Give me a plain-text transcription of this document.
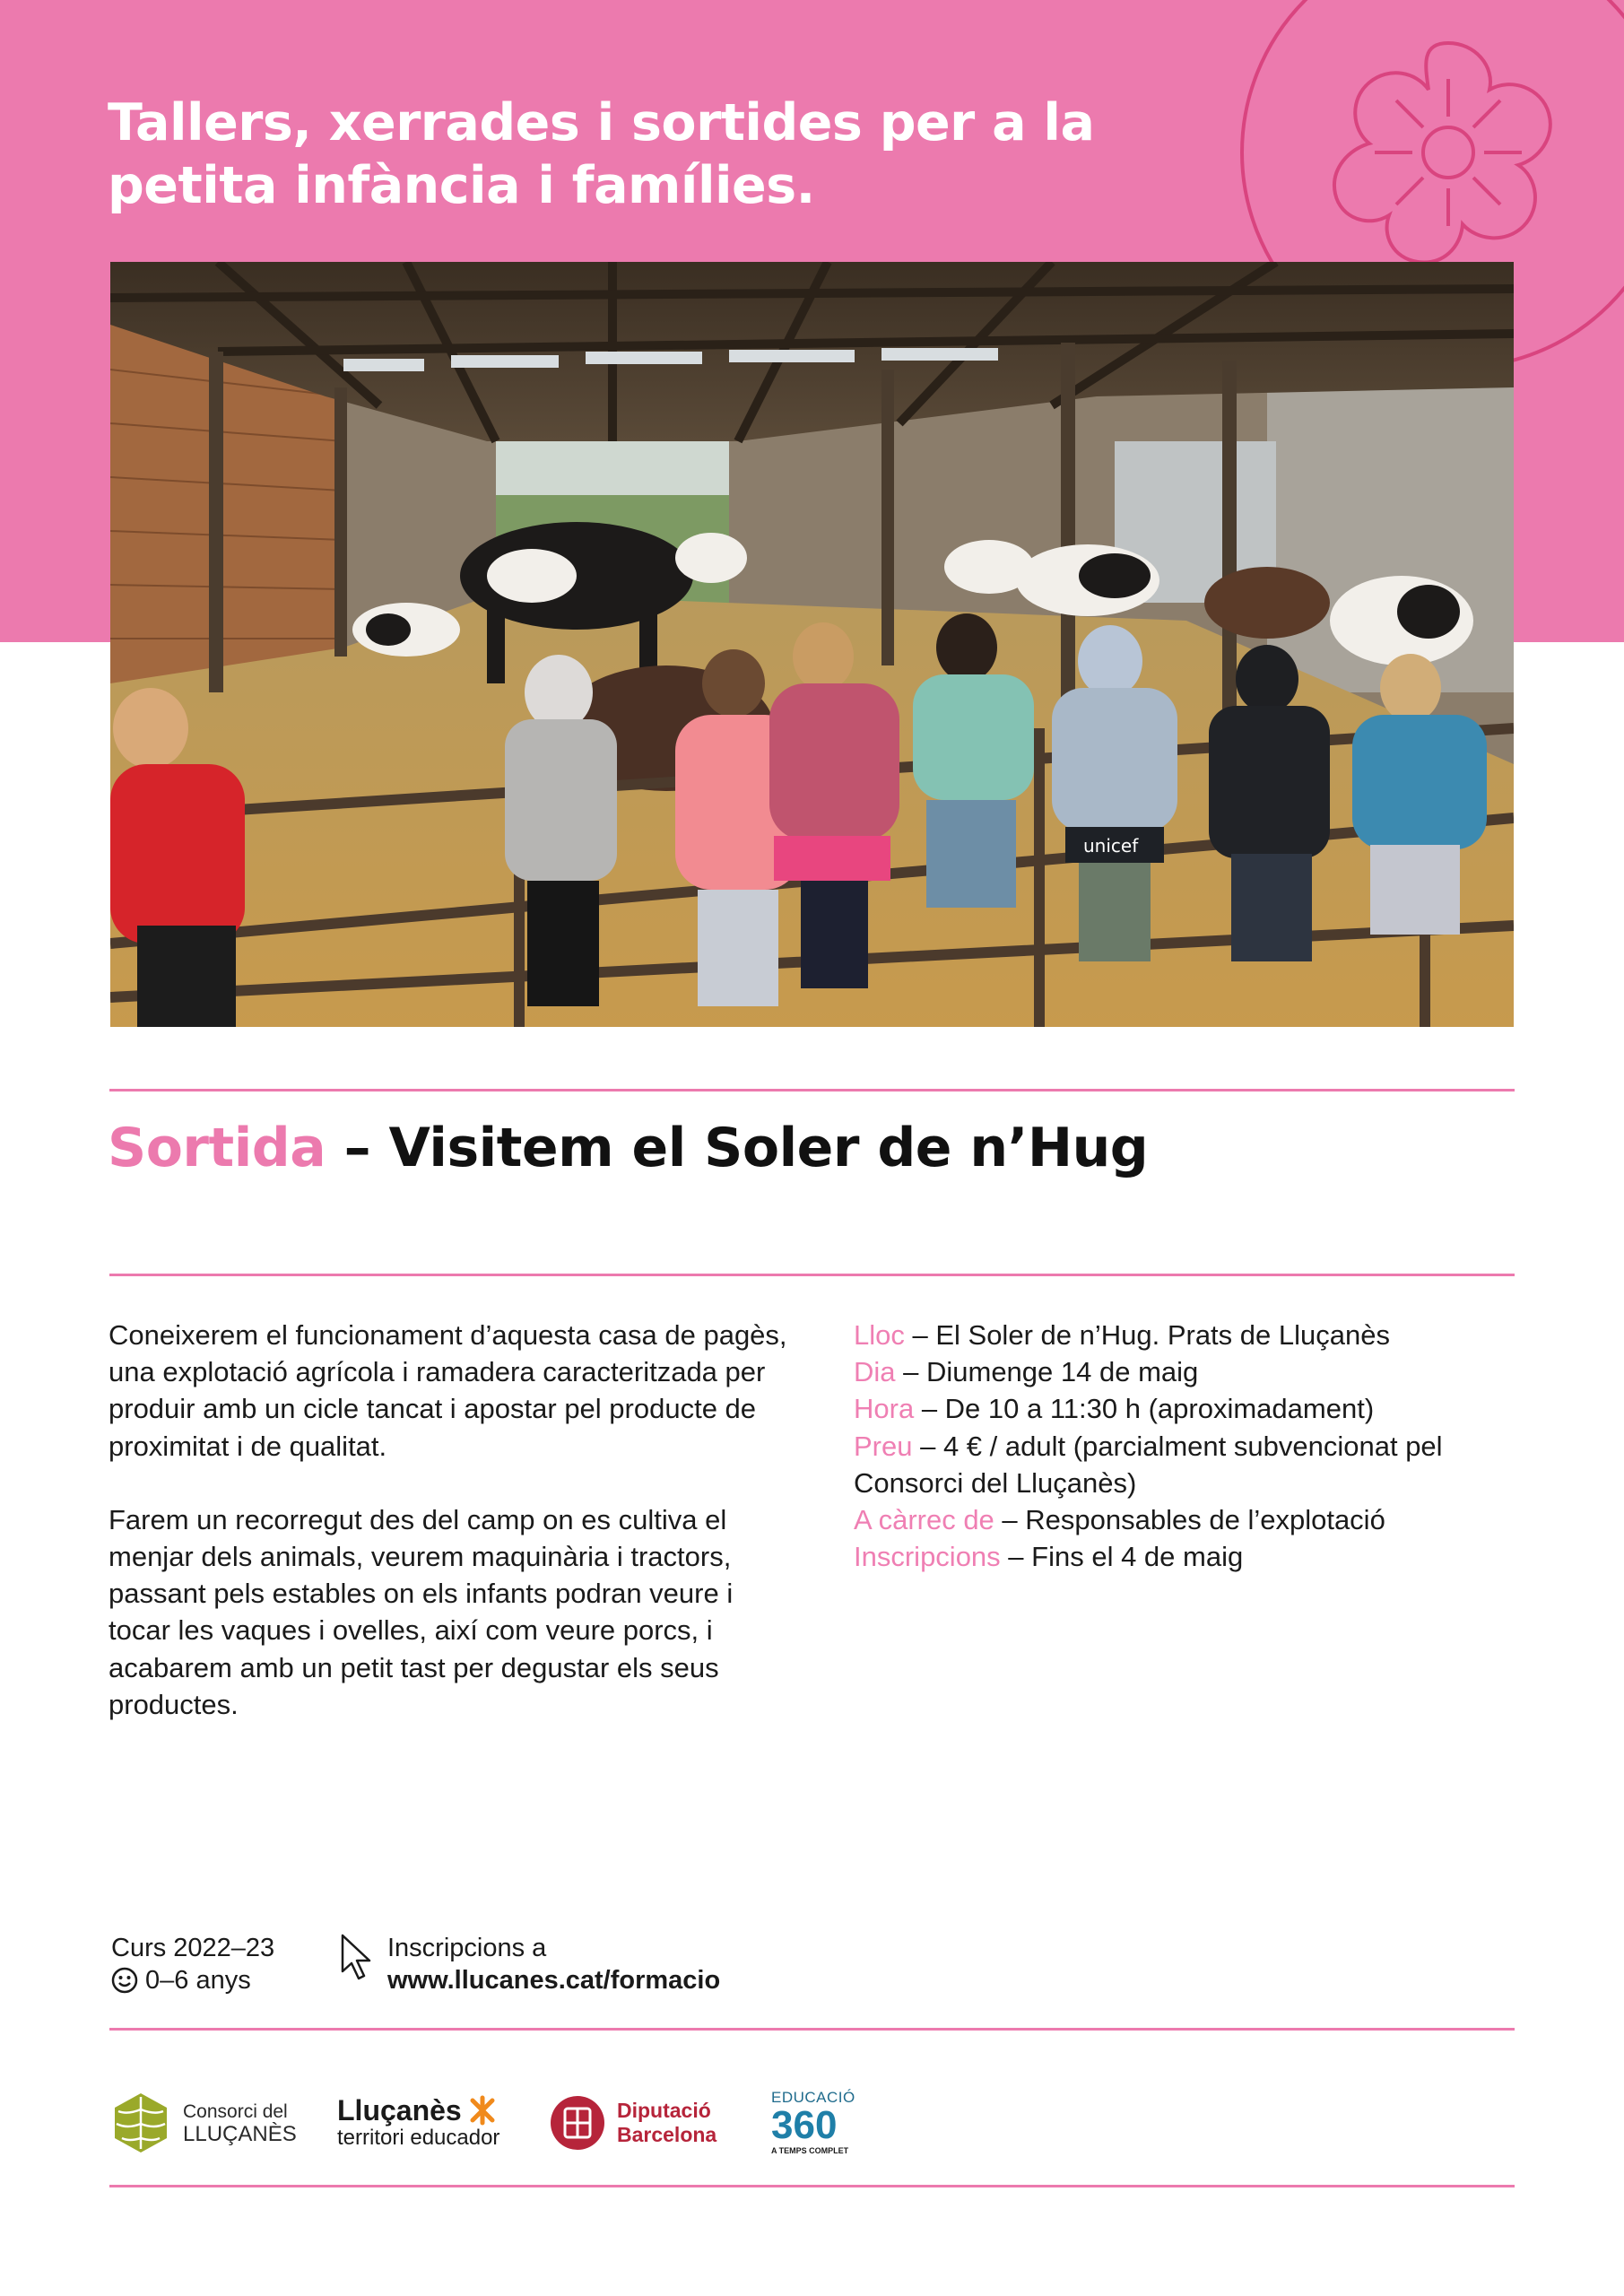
Tallers, xerrades i sortides per a la
petita infància i famílies.
unicef
Sortida – Visitem el Soler de n’Hug

Coneixerem el funcionament d’aquesta casa de pagès, una explotació agrícola i ramadera caracteritzada per produir amb un cicle tancat i apostar pel producte de proximitat i de qualitat.

Farem un recorregut des del camp on es cultiva el menjar dels animals, veurem maquinària i tractors, passant pels estables on els infants podran veure i tocar les vaques i ovelles, així com veure porcs, i acabarem amb un petit tast per degustar els seus productes.

Lloc – El Soler de n’Hug. Prats de Lluçanès
Dia – Diumenge 14 de maig
Hora – De 10 a 11:30 h (aproximadament)
Preu – 4 € / adult (parcialment subvencionat pel Consorci del Lluçanès)
A càrrec de – Responsables de l’explotació
Inscripcions – Fins el 4 de maig
Curs 2022–23
0–6 anys
Inscripcions a
www.llucanes.cat/formacio
Consorci del
LLUÇANÈS
Lluçanès
territori educador
Diputació
Barcelona
EDUCACIÓ
360
A TEMPS COMPLET
